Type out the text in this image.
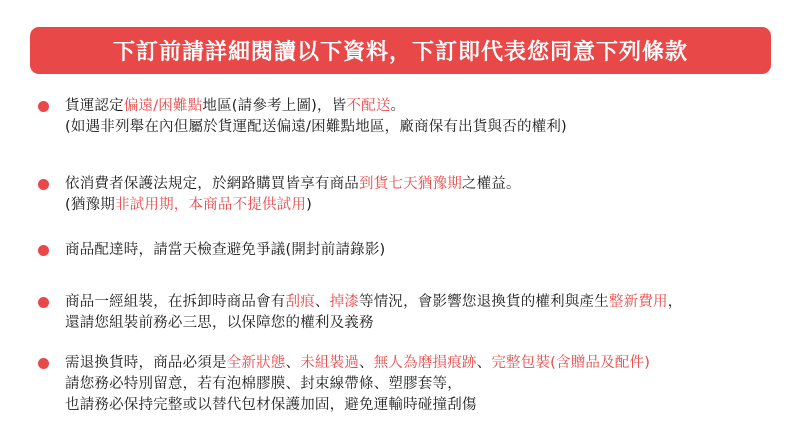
下訂前請詳細閱讀以下資料，下訂即代表您同意下列條款
貨運認定偏遠/困難點地區(請參考上圖)，皆不配送。
(如遇非列舉在內但屬於貨運配送偏遠/困難點地區，廠商保有出貨與否的權利)
依消費者保護法規定，於網路購買皆享有商品到貨七天猶豫期之權益。
(猶豫期非試用期，本商品不提供試用)
商品配達時，請當天檢查避免爭議(開封前請錄影)
商品一經組裝，在拆卸時商品會有刮痕、掉漆等情況，會影響您退換貨的權利與產生整新費用，
還請您組裝前務必三思，以保障您的權利及義務
需退換貨時，商品必須是全新狀態、未組裝過、無人為磨損痕跡、完整包裝(含贈品及配件)
請您務必特別留意，若有泡棉膠膜、封束線帶條、塑膠套等，
也請務必保持完整或以替代包材保護加固，避免運輸時碰撞刮傷
